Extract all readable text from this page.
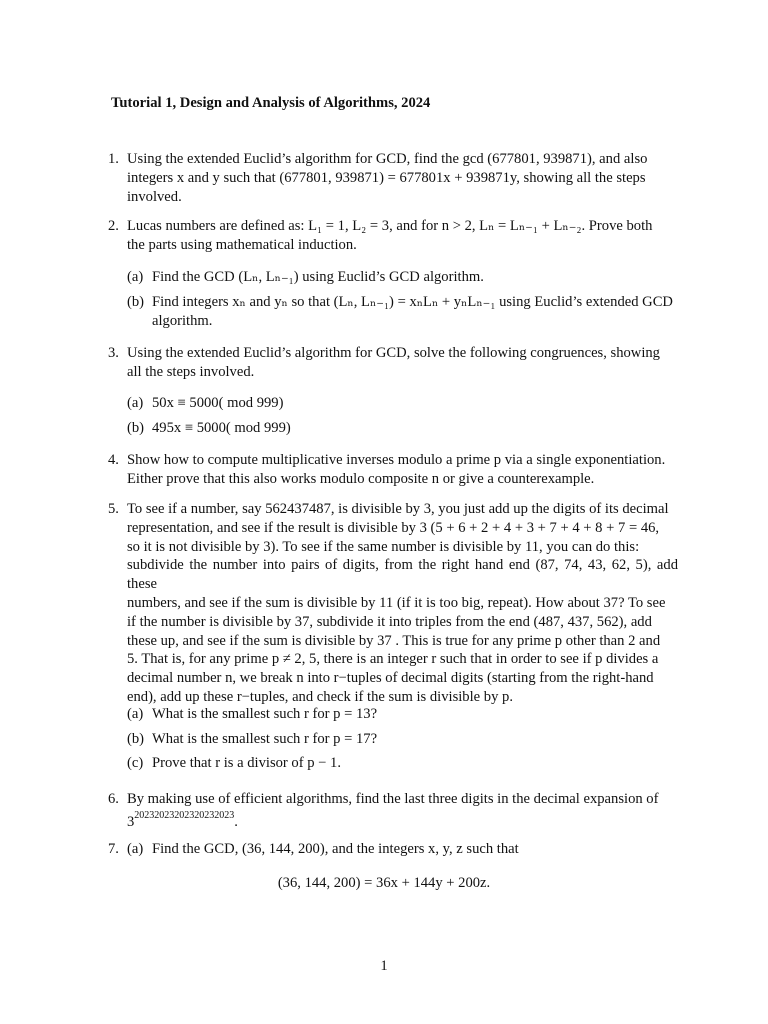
Tutorial 1, Design and Analysis of Algorithms, 2024
1. Using the extended Euclid’s algorithm for GCD, find the gcd (677801, 939871), and also
integers x and y such that (677801, 939871) = 677801x + 939871y, showing all the steps
involved.
2. Lucas numbers are defined as: L₁ = 1, L₂ = 3, and for n > 2, Lₙ = Lₙ₋₁ + Lₙ₋₂. Prove both
the parts using mathematical induction.
(a) Find the GCD (Lₙ, Lₙ₋₁) using Euclid’s GCD algorithm.
(b) Find integers xₙ and yₙ so that (Lₙ, Lₙ₋₁) = xₙLₙ + yₙLₙ₋₁ using Euclid’s extended GCD
algorithm.
3. Using the extended Euclid’s algorithm for GCD, solve the following congruences, showing
all the steps involved.
(a) 50x ≡ 5000( mod 999)
(b) 495x ≡ 5000( mod 999)
4. Show how to compute multiplicative inverses modulo a prime p via a single exponentiation.
Either prove that this also works modulo composite n or give a counterexample.
5. To see if a number, say 562437487, is divisible by 3, you just add up the digits of its decimal
representation, and see if the result is divisible by 3 (5 + 6 + 2 + 4 + 3 + 7 + 4 + 8 + 7 = 46,
so it is not divisible by 3). To see if the same number is divisible by 11, you can do this:
subdivide the number into pairs of digits, from the right hand end (87, 74, 43, 62, 5), add these
numbers, and see if the sum is divisible by 11 (if it is too big, repeat). How about 37? To see
if the number is divisible by 37, subdivide it into triples from the end (487, 437, 562), add
these up, and see if the sum is divisible by 37 . This is true for any prime p other than 2 and
5. That is, for any prime p ≠ 2, 5, there is an integer r such that in order to see if p divides a
decimal number n, we break n into r−tuples of decimal digits (starting from the right-hand
end), add up these r−tuples, and check if the sum is divisible by p.
(a) What is the smallest such r for p = 13?
(b) What is the smallest such r for p = 17?
(c) Prove that r is a divisor of p − 1.
6. By making use of efficient algorithms, find the last three digits in the decimal expansion of
$3^{20232023202320232023}$.
7. (a) Find the GCD, (36, 144, 200), and the integers x, y, z such that
(36, 144, 200) = 36x + 144y + 200z.
1
